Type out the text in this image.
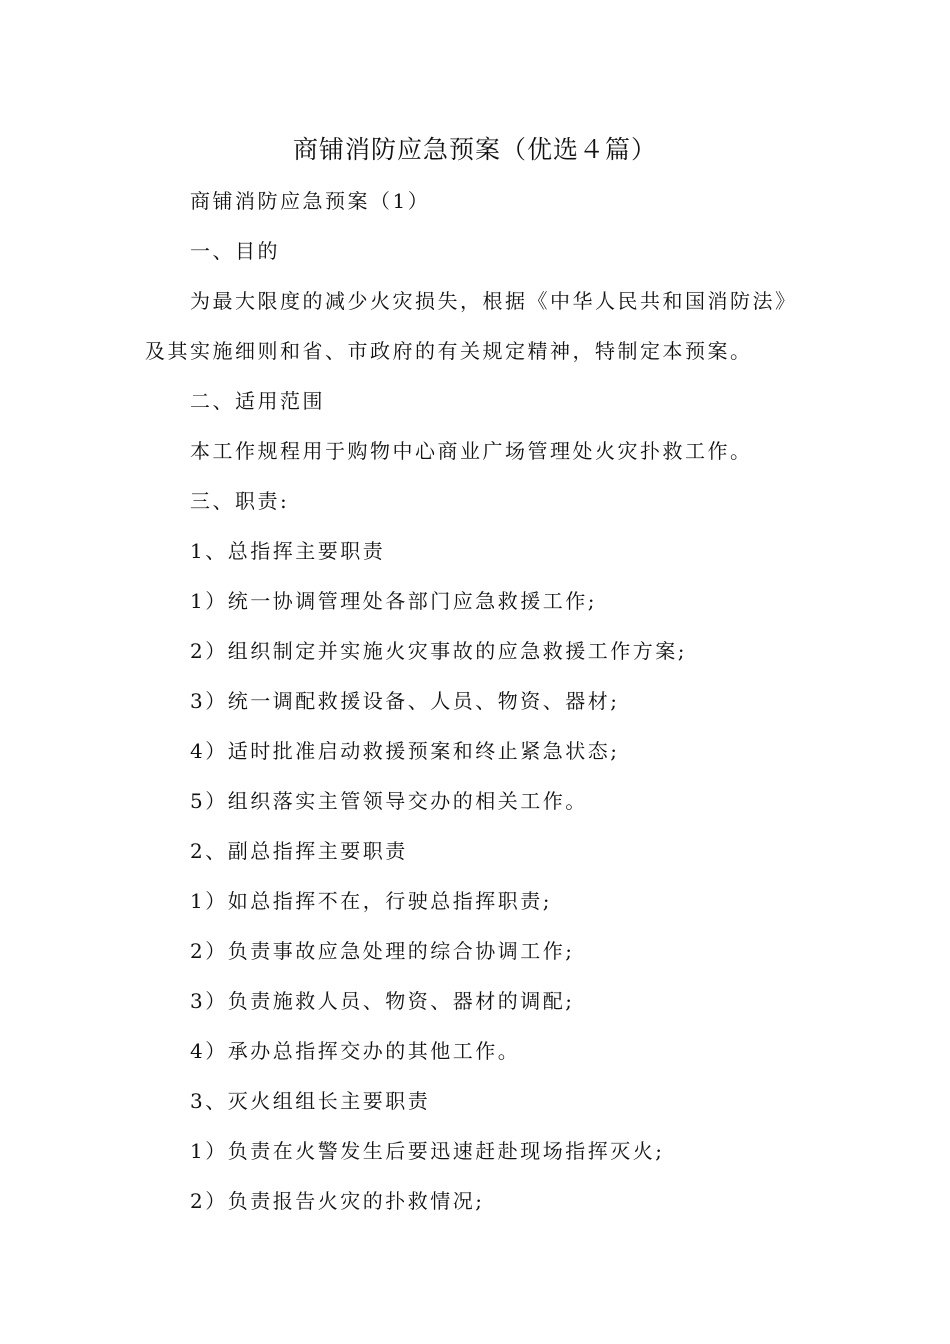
商铺消防应急预案（优选４篇）
商铺消防应急预案（1）
一、目的
为最大限度的减少火灾损失，根据《中华人民共和国消防法》
及其实施细则和省、市政府的有关规定精神，特制定本预案。
二、适用范围
本工作规程用于购物中心商业广场管理处火灾扑救工作。
三、职责:
1、总指挥主要职责
1）统一协调管理处各部门应急救援工作;
2）组织制定并实施火灾事故的应急救援工作方案;
3）统一调配救援设备、人员、物资、器材;
4）适时批准启动救援预案和终止紧急状态;
5）组织落实主管领导交办的相关工作。
2、副总指挥主要职责
1）如总指挥不在，行驶总指挥职责;
2）负责事故应急处理的综合协调工作;
3）负责施救人员、物资、器材的调配;
4）承办总指挥交办的其他工作。
3、灭火组组长主要职责
1）负责在火警发生后要迅速赶赴现场指挥灭火;
2）负责报告火灾的扑救情况;
